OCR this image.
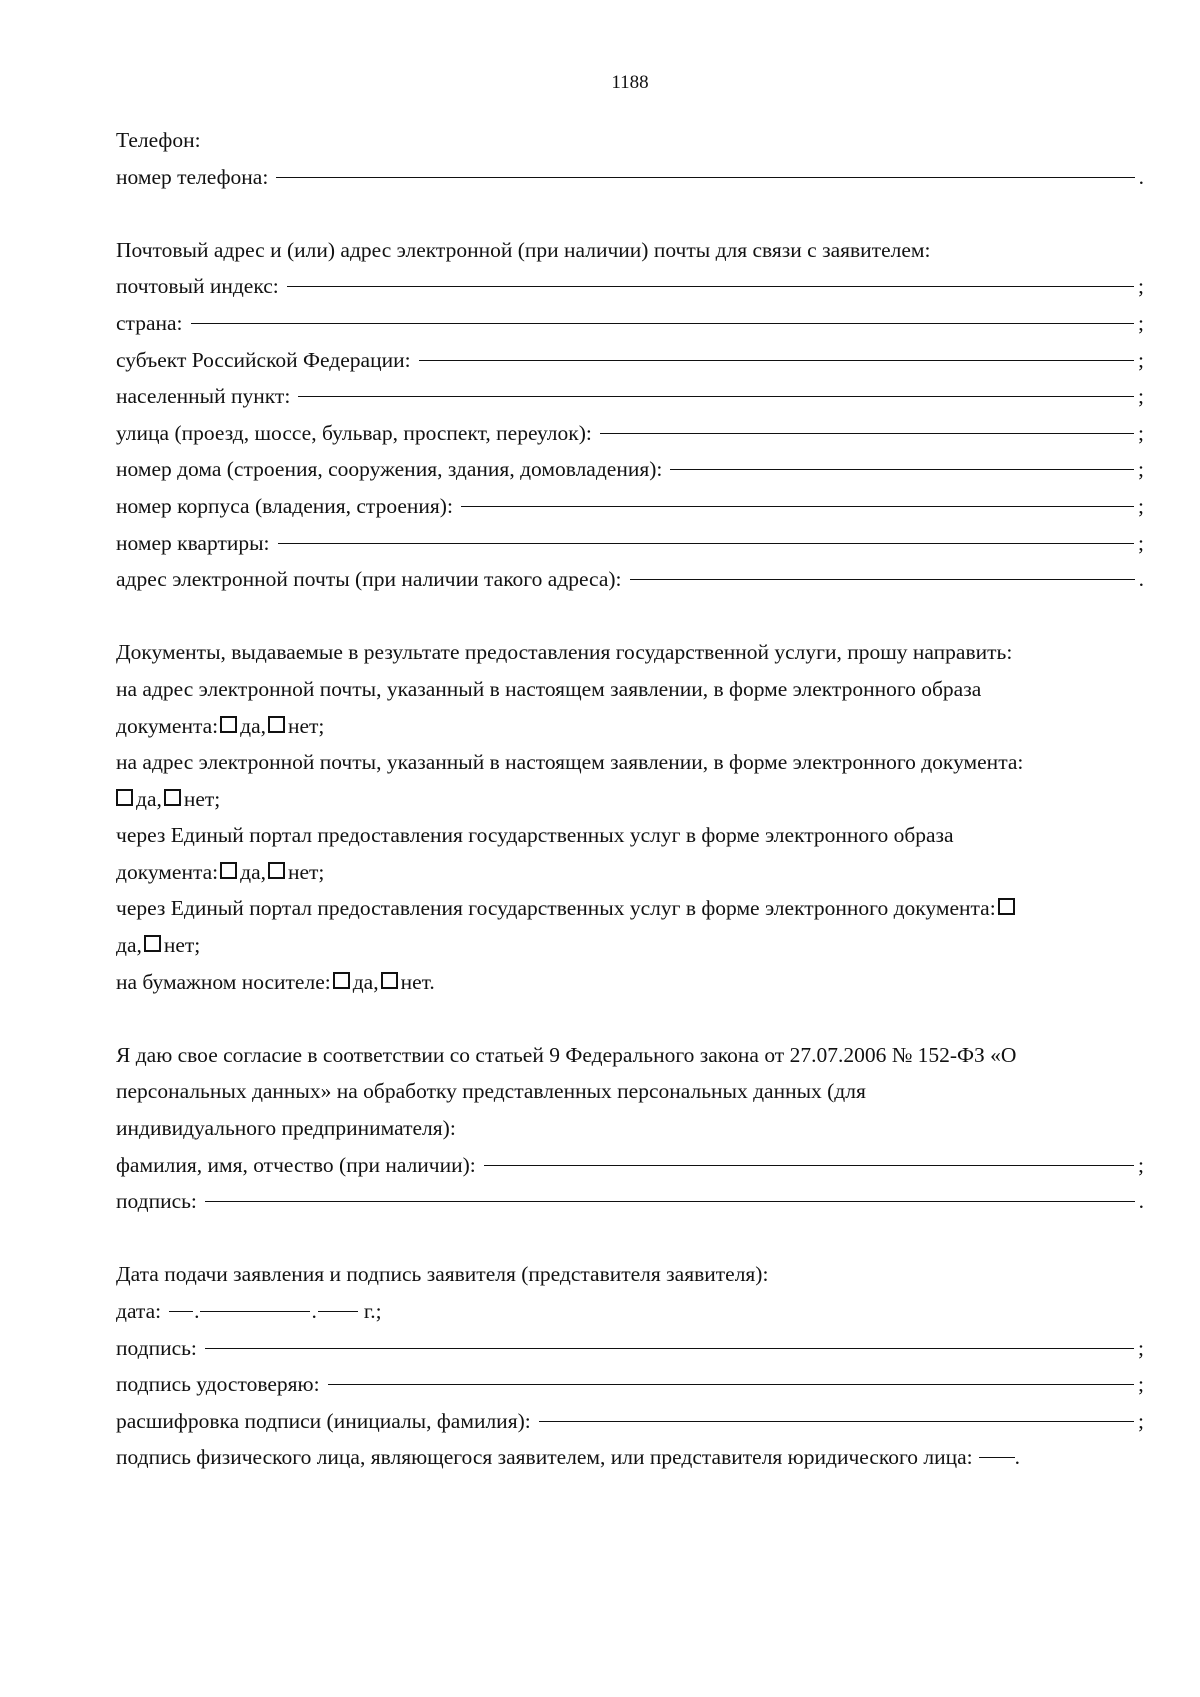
1188
Телефон:
номер телефона:	.
Почтовый адрес и (или) адрес электронной (при наличии) почты для связи с заявителем:
почтовый индекс:	;
страна:	;
субъект Российской Федерации:	;
населенный пункт:	;
улица (проезд, шоссе, бульвар, проспект, переулок):	;
номер дома (строения, сооружения, здания, домовладения):	;
номер корпуса (владения, строения):	;
номер квартиры:	;
адрес электронной почты (при наличии такого адреса):	.
Документы, выдаваемые в результате предоставления государственной услуги, прошу направить:
на адрес электронной почты, указанный в настоящем заявлении, в форме электронного образа
документа: да, нет;
на адрес электронной почты, указанный в настоящем заявлении, в форме электронного документа:
да, нет;
через Единый портал предоставления государственных услуг в форме электронного образа
документа: да, нет;
через Единый портал предоставления государственных услуг в форме электронного документа:
да, нет;
на бумажном носителе: да, нет.
Я даю свое согласие в соответствии со статьей 9 Федерального закона от 27.07.2006 № 152-ФЗ «О
персональных данных» на обработку представленных персональных данных (для
индивидуального предпринимателя):
фамилия, имя, отчество (при наличии):	;
подпись:	.
Дата подачи заявления и подпись заявителя (представителя заявителя):
дата: .	. г.;
подпись:	;
подпись удостоверяю:	;
расшифровка подписи (инициалы, фамилия):	;
подпись физического лица, являющегося заявителем, или представителя юридического лица: .
